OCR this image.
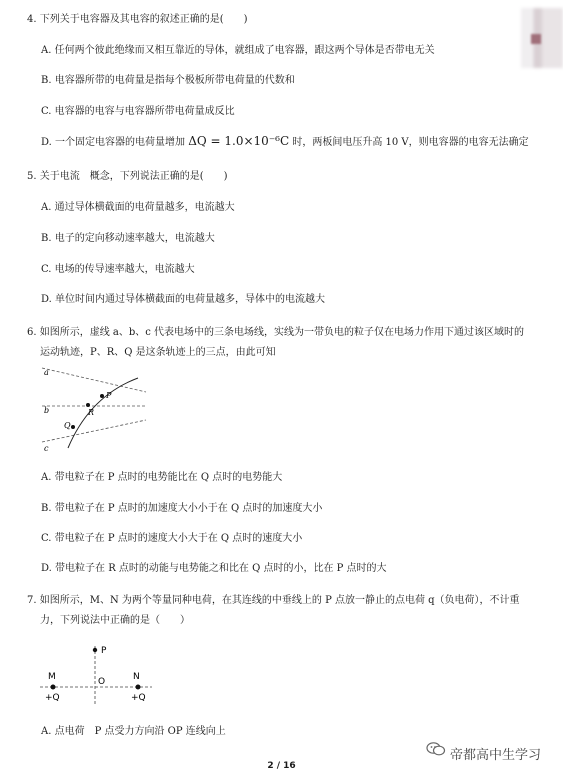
4. 下列关于电容器及其电容的叙述正确的是(　　)
A. 任何两个彼此绝缘而又相互靠近的导体，就组成了电容器，跟这两个导体是否带电无关
B. 电容器所带的电荷量是指每个极板所带电荷量的代数和
C. 电容器的电容与电容器所带电荷量成反比
D. 一个固定电容器的电荷量增加 ΔQ = 1.0×10⁻⁶C 时，两板间电压升高 10 V，则电容器的电容无法确定
5. 关于电流　概念，下列说法正确的是(　　)
A. 通过导体横截面的电荷量越多，电流越大
B. 电子的定向移动速率越大，电流越大
C. 电场的传导速率越大，电流越大
D. 单位时间内通过导体横截面的电荷量越多，导体中的电流越大
6. 如图所示，虚线 a、b、c 代表电场中的三条电场线，实线为一带负电的粒子仅在电场力作用下通过该区域时的
运动轨迹，P、R、Q 是这条轨迹上的三点，由此可知
a
b
c
P
R
Q
A. 带电粒子在 P 点时的电势能比在 Q 点时的电势能大
B. 带电粒子在 P 点时的加速度大小小于在 Q 点时的加速度大小
C. 带电粒子在 P 点时的速度大小大于在 Q 点时的速度大小
D. 带电粒子在 R 点时的动能与电势能之和比在 Q 点时的小，比在 P 点时的大
7. 如图所示，M、N 为两个等量同种电荷，在其连线的中垂线上的 P 点放一静止的点电荷 q（负电荷），不计重
力，下列说法中正确的是（　　）
P
M	N
O
+Q	+Q
A. 点电荷　P 点受力方向沿 OP 连线向上
帝都高中生学习
2 / 16
